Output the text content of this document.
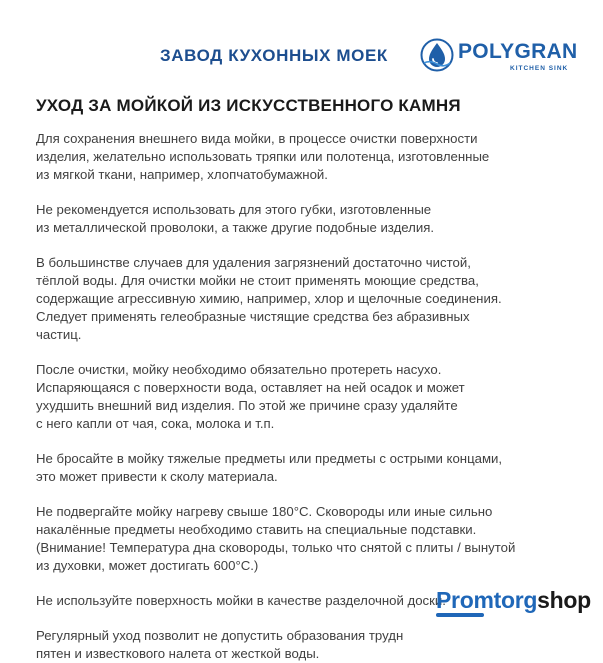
ЗАВОД КУХОННЫХ МОЕК	POLYGRAN
KITCHEN SINK
УХОД ЗА МОЙКОЙ ИЗ ИСКУССТВЕННОГО КАМНЯ

Для сохранения внешнего вида мойки, в процессе очистки поверхности
изделия, желательно использовать тряпки или полотенца, изготовленные
из мягкой ткани, например, хлопчатобумажной.

Не рекомендуется использовать для этого губки, изготовленные
из металлической проволоки, а также другие подобные изделия.

В большинстве случаев для удаления загрязнений достаточно чистой,
тёплой воды. Для очистки мойки не стоит применять моющие средства,
содержащие агрессивную химию, например, хлор и щелочные соединения.
Следует применять гелеобразные чистящие средства без абразивных
частиц.

После очистки, мойку необходимо обязательно протереть насухо.
Испаряющаяся с поверхности вода, оставляет на ней осадок и может
ухудшить внешний вид изделия. По этой же причине сразу удаляйте
с него капли от чая, сока, молока и т.п.

Не бросайте в мойку тяжелые предметы или предметы с острыми концами,
это может привести к сколу материала.

Не подвергайте мойку нагреву свыше 180°С. Сковороды или иные сильно
накалённые предметы необходимо ставить на специальные подставки.
(Внимание! Температура дна сковороды, только что снятой с плиты / вынутой
из духовки, может достигать 600°С.)

Не используйте поверхность мойки в качестве разделочной доски.

Регулярный уход позволит не допустить образования трудн
пятен и известкового налета от жесткой воды.

Promtorgshop
